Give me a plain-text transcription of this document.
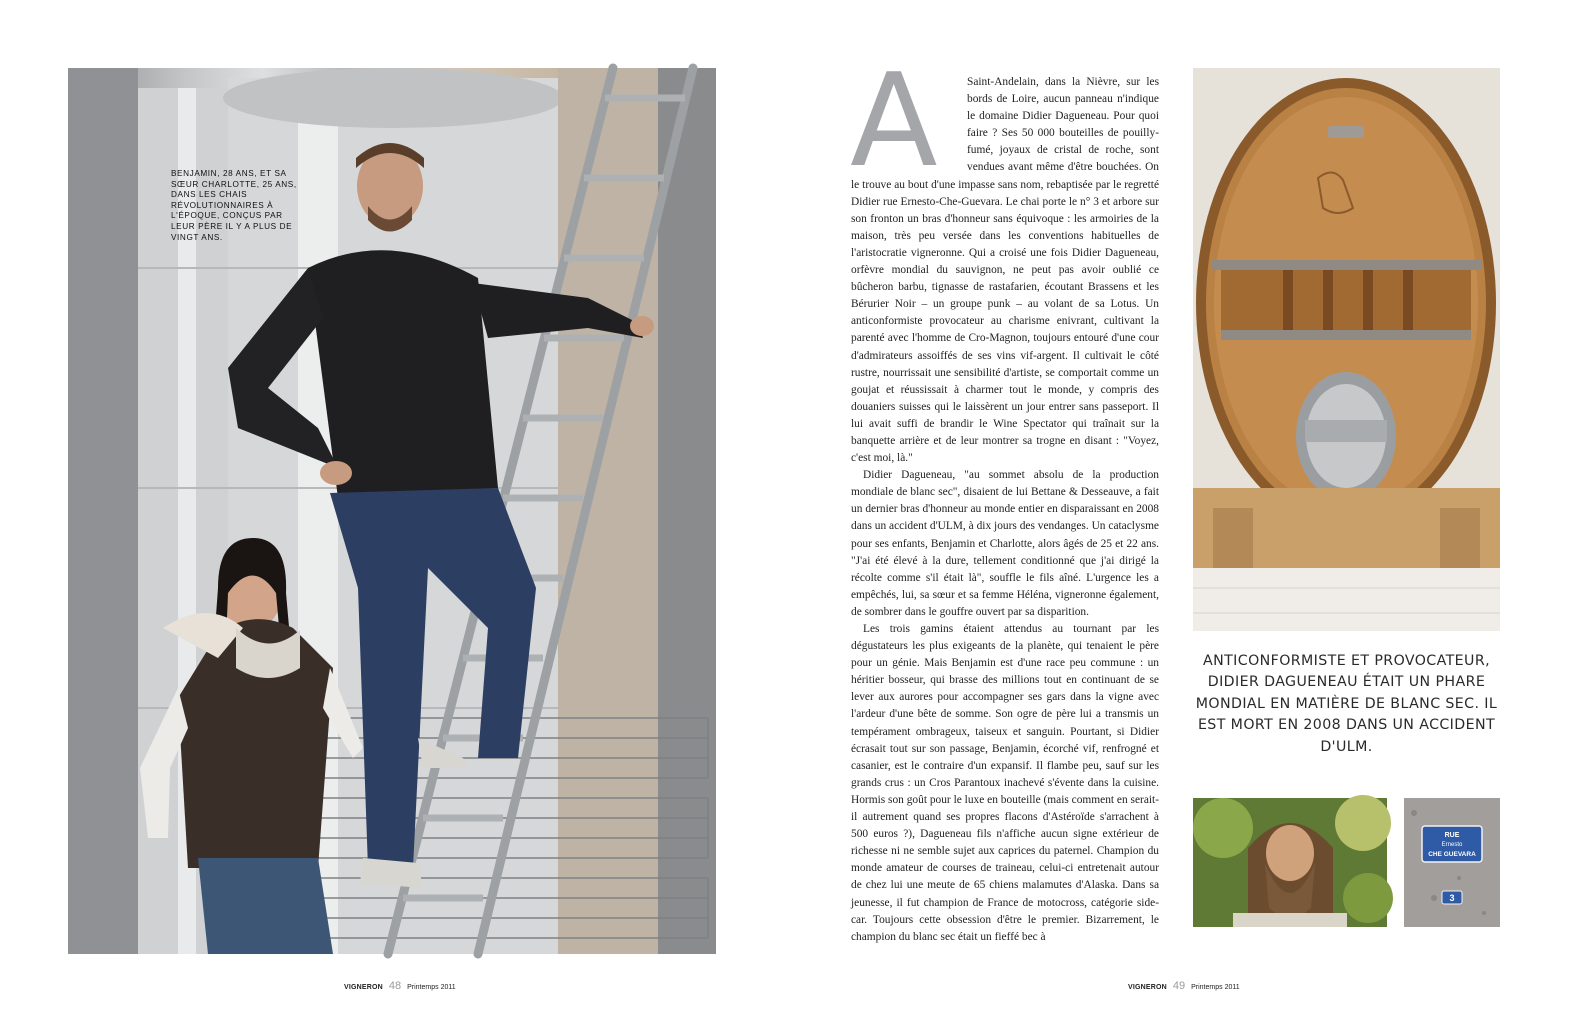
BENJAMIN, 28 ANS, ET SA SŒUR CHARLOTTE, 25 ANS, DANS LES CHAIS RÉVOLUTIONNAIRES À L'ÉPOQUE, CONÇUS PAR LEUR PÈRE IL Y A PLUS DE VINGT ANS.
VIGNERON 48 Printemps 2011
A	Saint-Andelain, dans la Nièvre, sur les bords de Loire, aucun panneau n'indique le domaine Didier Dagueneau. Pour quoi faire ? Ses 50 000 bouteilles de pouilly-fumé, joyaux de cristal de roche, sont vendues avant même d'être bouchées. On le trouve au bout d'une impasse sans nom, rebaptisée par le regretté Didier rue Ernesto-Che-Guevara. Le chai porte le n° 3 et arbore sur son fronton un bras d'honneur sans équivoque : les armoiries de la maison, très peu versée dans les conventions habituelles de l'aristocratie vigneronne. Qui a croisé une fois Didier Dagueneau, orfèvre mondial du sauvignon, ne peut pas avoir oublié ce bûcheron barbu, tignasse de rastafarien, écoutant Brassens et les Bérurier Noir – un groupe punk – au volant de sa Lotus. Un anticonformiste provocateur au charisme enivrant, cultivant la parenté avec l'homme de Cro-Magnon, toujours entouré d'une cour d'admirateurs assoiffés de ses vins vif-argent. Il cultivait le côté rustre, nourrissait une sensibilité d'artiste, se comportait comme un goujat et réussissait à charmer tout le monde, y compris des douaniers suisses qui le laissèrent un jour entrer sans passeport. Il lui avait suffi de brandir le Wine Spectator qui traînait sur la banquette arrière et de leur montrer sa trogne en disant : "Voyez, c'est moi, là."

Didier Dagueneau, "au sommet absolu de la production mondiale de blanc sec", disaient de lui Bettane & Desseauve, a fait un dernier bras d'honneur au monde entier en disparaissant en 2008 dans un accident d'ULM, à dix jours des vendanges. Un cataclysme pour ses enfants, Benjamin et Charlotte, alors âgés de 25 et 22 ans. "J'ai été élevé à la dure, tellement conditionné que j'ai dirigé la récolte comme s'il était là", souffle le fils aîné. L'urgence les a empêchés, lui, sa sœur et sa femme Héléna, vigneronne également, de sombrer dans le gouffre ouvert par sa disparition.

Les trois gamins étaient attendus au tournant par les dégustateurs les plus exigeants de la planète, qui tenaient le père pour un génie. Mais Benjamin est d'une race peu commune : un héritier bosseur, qui brasse des millions tout en continuant de se lever aux aurores pour accompagner ses gars dans la vigne avec l'ardeur d'une bête de somme. Son ogre de père lui a transmis un tempérament ombrageux, taiseux et sanguin. Pourtant, si Didier écrasait tout sur son passage, Benjamin, écorché vif, renfrogné et casanier, est le contraire d'un expansif. Il flambe peu, sauf sur les grands crus : un Cros Parantoux inachevé s'évente dans la cuisine. Hormis son goût pour le luxe en bouteille (mais comment en serait-il autrement quand ses propres flacons d'Astéroïde s'arrachent à 500 euros ?), Dagueneau fils n'affiche aucun signe extérieur de richesse ni ne semble sujet aux caprices du paternel. Champion du monde amateur de courses de traineau, celui-ci entretenait autour de chez lui une meute de 65 chiens malamutes d'Alaska. Dans sa jeunesse, il fut champion de France de motocross, catégorie side-car. Toujours cette obsession d'être le premier. Bizarrement, le champion du blanc sec était un fieffé bec à

ANTICONFORMISTE ET PROVOCATEUR, DIDIER DAGUENEAU ÉTAIT UN PHARE MONDIAL EN MATIÈRE DE BLANC SEC. IL EST MORT EN 2008 DANS UN ACCIDENT D'ULM.
RUE
Ernesto
CHE GUEVARA
3
VIGNERON 49 Printemps 2011
